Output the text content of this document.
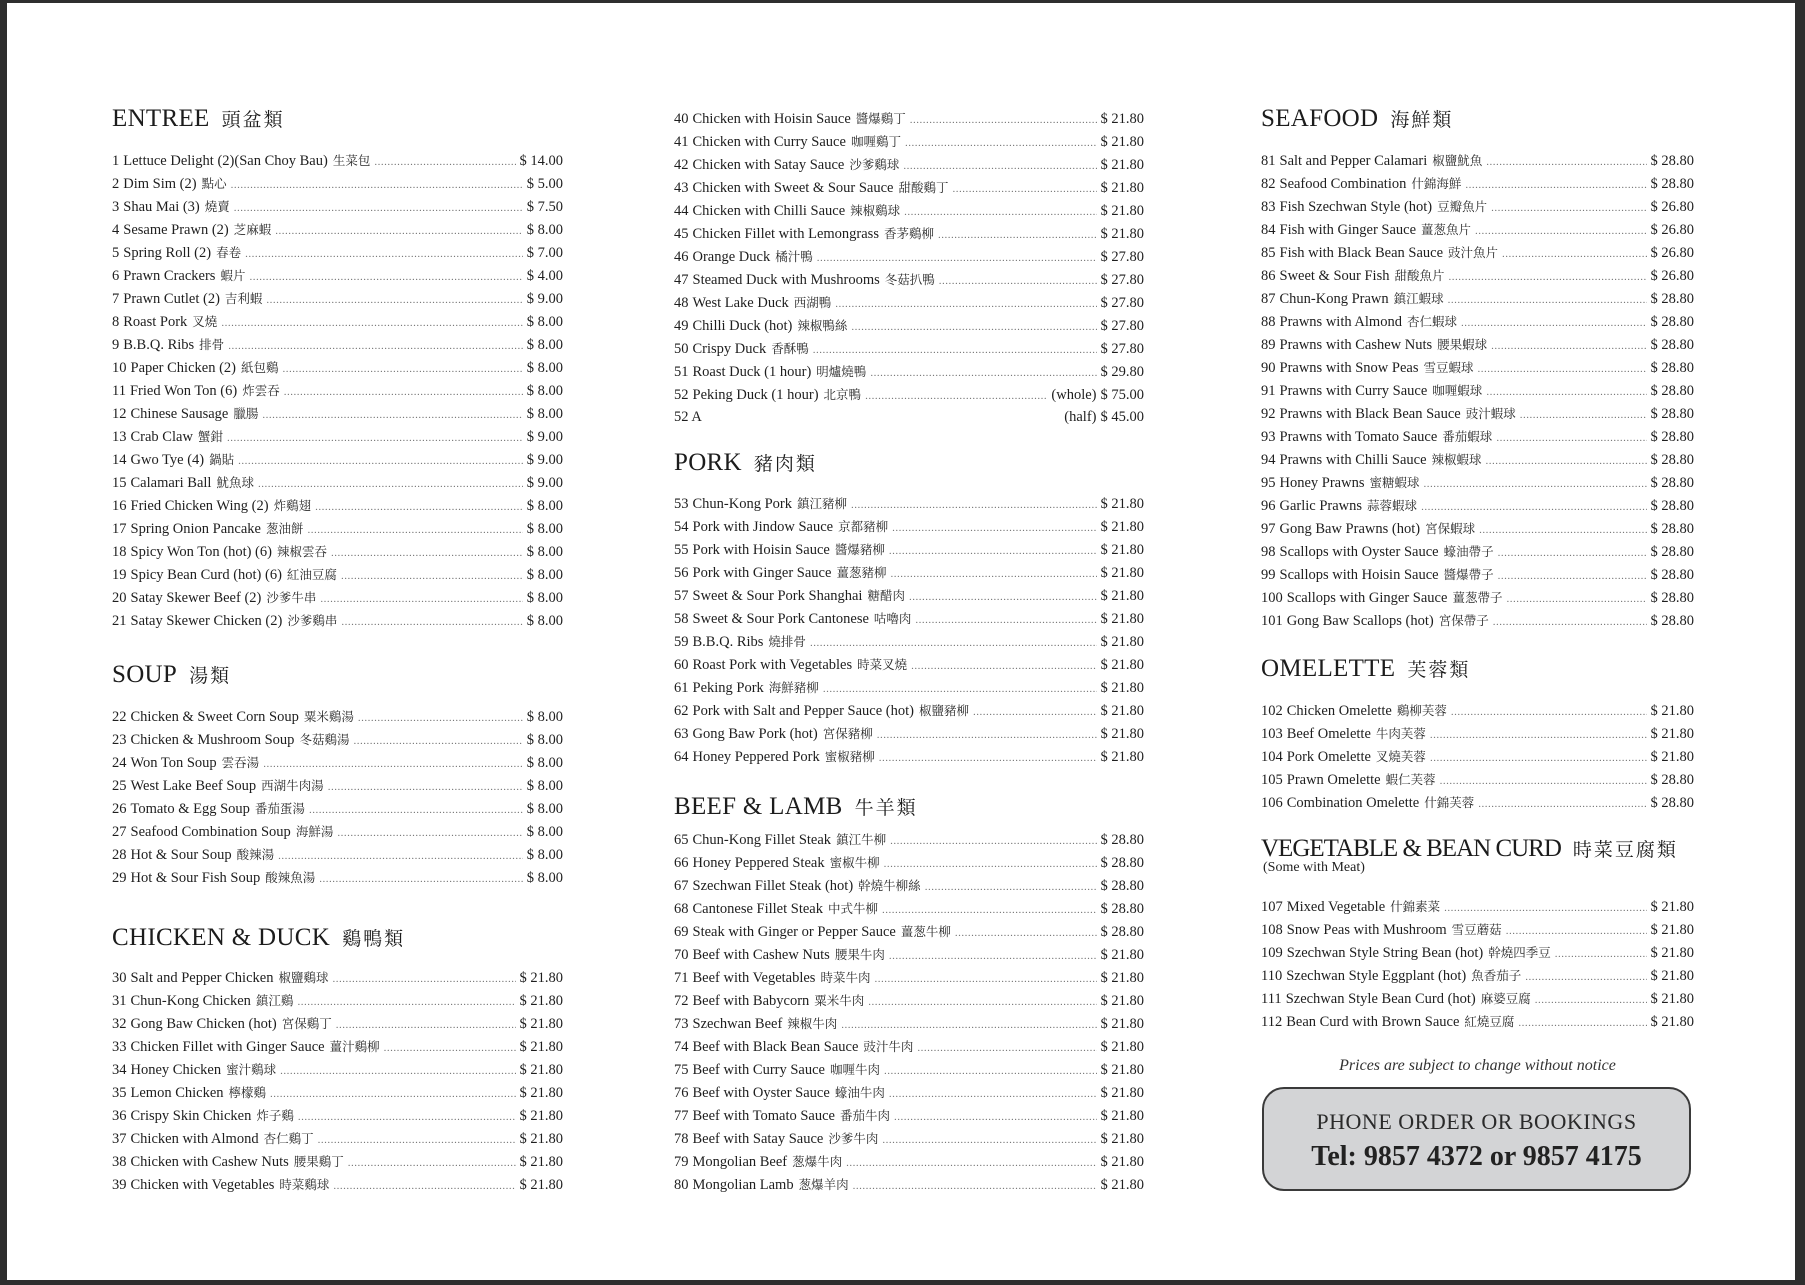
ENTREE 頭盆類
1 Lettuce Delight (2)(San Choy Bau) 生菜包 .....	$ 14.00
2 Dim Sim (2) 點心 .....	$ 5.00
3 Shau Mai (3) 燒賣 .....	$ 7.50
4 Sesame Prawn (2) 芝麻蝦 .....	$ 8.00
5 Spring Roll (2) 春卷 .....	$ 7.00
6 Prawn Crackers 蝦片 .....	$ 4.00
7 Prawn Cutlet (2) 吉利蝦 .....	$ 9.00
8 Roast Pork 叉燒 .....	$ 8.00
9 B.B.Q. Ribs 排骨 .....	$ 8.00
10 Paper Chicken (2) 紙包鷄 .....	$ 8.00
11 Fried Won Ton (6) 炸雲吞 .....	$ 8.00
12 Chinese Sausage 臘腸 .....	$ 8.00
13 Crab Claw 蟹鉗 .....	$ 9.00
14 Gwo Tye (4) 鍋貼 .....	$ 9.00
15 Calamari Ball 魷魚球 .....	$ 9.00
16 Fried Chicken Wing (2) 炸鷄翅 .....	$ 8.00
17 Spring Onion Pancake 葱油餅 .....	$ 8.00
18 Spicy Won Ton (hot) (6) 辣椒雲吞 .....	$ 8.00
19 Spicy Bean Curd (hot) (6) 紅油豆腐 .....	$ 8.00
20 Satay Skewer Beef (2) 沙爹牛串 .....	$ 8.00
21 Satay Skewer Chicken (2) 沙爹鷄串 .....	$ 8.00
SOUP 湯類
22 Chicken & Sweet Corn Soup 粟米鷄湯 .....	$ 8.00
23 Chicken & Mushroom Soup 冬菇鷄湯 .....	$ 8.00
24 Won Ton Soup 雲吞湯 .....	$ 8.00
25 West Lake Beef Soup 西湖牛肉湯 .....	$ 8.00
26 Tomato & Egg Soup 番茄蛋湯 .....	$ 8.00
27 Seafood Combination Soup 海鮮湯 .....	$ 8.00
28 Hot & Sour Soup 酸辣湯 .....	$ 8.00
29 Hot & Sour Fish Soup 酸辣魚湯 .....	$ 8.00
CHICKEN & DUCK 鷄鴨類
30 Salt and Pepper Chicken 椒鹽鷄球 .....	$ 21.80
31 Chun-Kong Chicken 鎮江鷄 .....	$ 21.80
32 Gong Baw Chicken (hot) 宮保鷄丁 .....	$ 21.80
33 Chicken Fillet with Ginger Sauce 薑汁鷄柳 .....	$ 21.80
34 Honey Chicken 蜜汁鷄球 .....	$ 21.80
35 Lemon Chicken 檸檬鷄 .....	$ 21.80
36 Crispy Skin Chicken 炸子鷄 .....	$ 21.80
37 Chicken with Almond 杏仁鷄丁 .....	$ 21.80
38 Chicken with Cashew Nuts 腰果鷄丁 .....	$ 21.80
39 Chicken with Vegetables 時菜鷄球 .....	$ 21.80
40 Chicken with Hoisin Sauce 醬爆鷄丁 .....	$ 21.80
41 Chicken with Curry Sauce 咖喱鷄丁 .....	$ 21.80
42 Chicken with Satay Sauce 沙爹鷄球 .....	$ 21.80
43 Chicken with Sweet & Sour Sauce 甜酸鷄丁 .....	$ 21.80
44 Chicken with Chilli Sauce 辣椒鷄球 .....	$ 21.80
45 Chicken Fillet with Lemongrass 香茅鷄柳 .....	$ 21.80
46 Orange Duck 橘汁鴨 .....	$ 27.80
47 Steamed Duck with Mushrooms 冬菇扒鴨 .....	$ 27.80
48 West Lake Duck 西湖鴨 .....	$ 27.80
49 Chilli Duck (hot) 辣椒鴨絲 .....	$ 27.80
50 Crispy Duck 香酥鴨 .....	$ 27.80
51 Roast Duck (1 hour) 明爐燒鴨 .....	$ 29.80
52 Peking Duck (1 hour) 北京鴨 .....	(whole) $ 75.00
52 A	(half) $ 45.00
PORK 豬肉類
53 Chun-Kong Pork 鎮江豬柳 .....	$ 21.80
54 Pork with Jindow Sauce 京都豬柳 .....	$ 21.80
55 Pork with Hoisin Sauce 醬爆豬柳 .....	$ 21.80
56 Pork with Ginger Sauce 薑葱豬柳 .....	$ 21.80
57 Sweet & Sour Pork Shanghai 糖醋肉 .....	$ 21.80
58 Sweet & Sour Pork Cantonese 咕嚕肉 .....	$ 21.80
59 B.B.Q. Ribs 燒排骨 .....	$ 21.80
60 Roast Pork with Vegetables 時菜叉燒 .....	$ 21.80
61 Peking Pork 海鮮豬柳 .....	$ 21.80
62 Pork with Salt and Pepper Sauce (hot) 椒鹽豬柳 .....	$ 21.80
63 Gong Baw Pork (hot) 宮保豬柳 .....	$ 21.80
64 Honey Peppered Pork 蜜椒豬柳 .....	$ 21.80
BEEF & LAMB 牛羊類
65 Chun-Kong Fillet Steak 鎮江牛柳 .....	$ 28.80
66 Honey Peppered Steak 蜜椒牛柳 .....	$ 28.80
67 Szechwan Fillet Steak (hot) 幹燒牛柳絲 .....	$ 28.80
68 Cantonese Fillet Steak 中式牛柳 .....	$ 28.80
69 Steak with Ginger or Pepper Sauce 薑葱牛柳 .....	$ 28.80
70 Beef with Cashew Nuts 腰果牛肉 .....	$ 21.80
71 Beef with Vegetables 時菜牛肉 .....	$ 21.80
72 Beef with Babycorn 粟米牛肉 .....	$ 21.80
73 Szechwan Beef 辣椒牛肉 .....	$ 21.80
74 Beef with Black Bean Sauce 豉汁牛肉 .....	$ 21.80
75 Beef with Curry Sauce 咖喱牛肉 .....	$ 21.80
76 Beef with Oyster Sauce 蠔油牛肉 .....	$ 21.80
77 Beef with Tomato Sauce 番茄牛肉 .....	$ 21.80
78 Beef with Satay Sauce 沙爹牛肉 .....	$ 21.80
79 Mongolian Beef 葱爆牛肉 .....	$ 21.80
80 Mongolian Lamb 葱爆羊肉 .....	$ 21.80
SEAFOOD 海鮮類
81 Salt and Pepper Calamari 椒鹽魷魚 .....	$ 28.80
82 Seafood Combination 什錦海鮮 .....	$ 28.80
83 Fish Szechwan Style (hot) 豆瓣魚片 .....	$ 26.80
84 Fish with Ginger Sauce 薑葱魚片 .....	$ 26.80
85 Fish with Black Bean Sauce 豉汁魚片 .....	$ 26.80
86 Sweet & Sour Fish 甜酸魚片 .....	$ 26.80
87 Chun-Kong Prawn 鎮江蝦球 .....	$ 28.80
88 Prawns with Almond 杏仁蝦球 .....	$ 28.80
89 Prawns with Cashew Nuts 腰果蝦球 .....	$ 28.80
90 Prawns with Snow Peas 雪豆蝦球 .....	$ 28.80
91 Prawns with Curry Sauce 咖喱蝦球 .....	$ 28.80
92 Prawns with Black Bean Sauce 豉汁蝦球 .....	$ 28.80
93 Prawns with Tomato Sauce 番茄蝦球 .....	$ 28.80
94 Prawns with Chilli Sauce 辣椒蝦球 .....	$ 28.80
95 Honey Prawns 蜜糖蝦球 .....	$ 28.80
96 Garlic Prawns 蒜蓉蝦球 .....	$ 28.80
97 Gong Baw Prawns (hot) 宮保蝦球 .....	$ 28.80
98 Scallops with Oyster Sauce 蠔油帶子 .....	$ 28.80
99 Scallops with Hoisin Sauce 醬爆帶子 .....	$ 28.80
100 Scallops with Ginger Sauce 薑葱帶子 .....	$ 28.80
101 Gong Baw Scallops (hot) 宮保帶子 .....	$ 28.80
OMELETTE 芙蓉類
102 Chicken Omelette 鷄柳芙蓉 .....	$ 21.80
103 Beef Omelette 牛肉芙蓉 .....	$ 21.80
104 Pork Omelette 叉燒芙蓉 .....	$ 21.80
105 Prawn Omelette 蝦仁芙蓉 .....	$ 28.80
106 Combination Omelette 什錦芙蓉 .....	$ 28.80
VEGETABLE & BEAN CURD 時菜豆腐類
(Some with Meat)
107 Mixed Vegetable 什錦素菜 .....	$ 21.80
108 Snow Peas with Mushroom 雪豆蘑菇 .....	$ 21.80
109 Szechwan Style String Bean (hot) 幹燒四季豆 .....	$ 21.80
110 Szechwan Style Eggplant (hot) 魚香茄子 .....	$ 21.80
111 Szechwan Style Bean Curd (hot) 麻婆豆腐 .....	$ 21.80
112 Bean Curd with Brown Sauce 紅燒豆腐 .....	$ 21.80
Prices are subject to change without notice
PHONE ORDER OR BOOKINGS
Tel: 9857 4372 or 9857 4175
